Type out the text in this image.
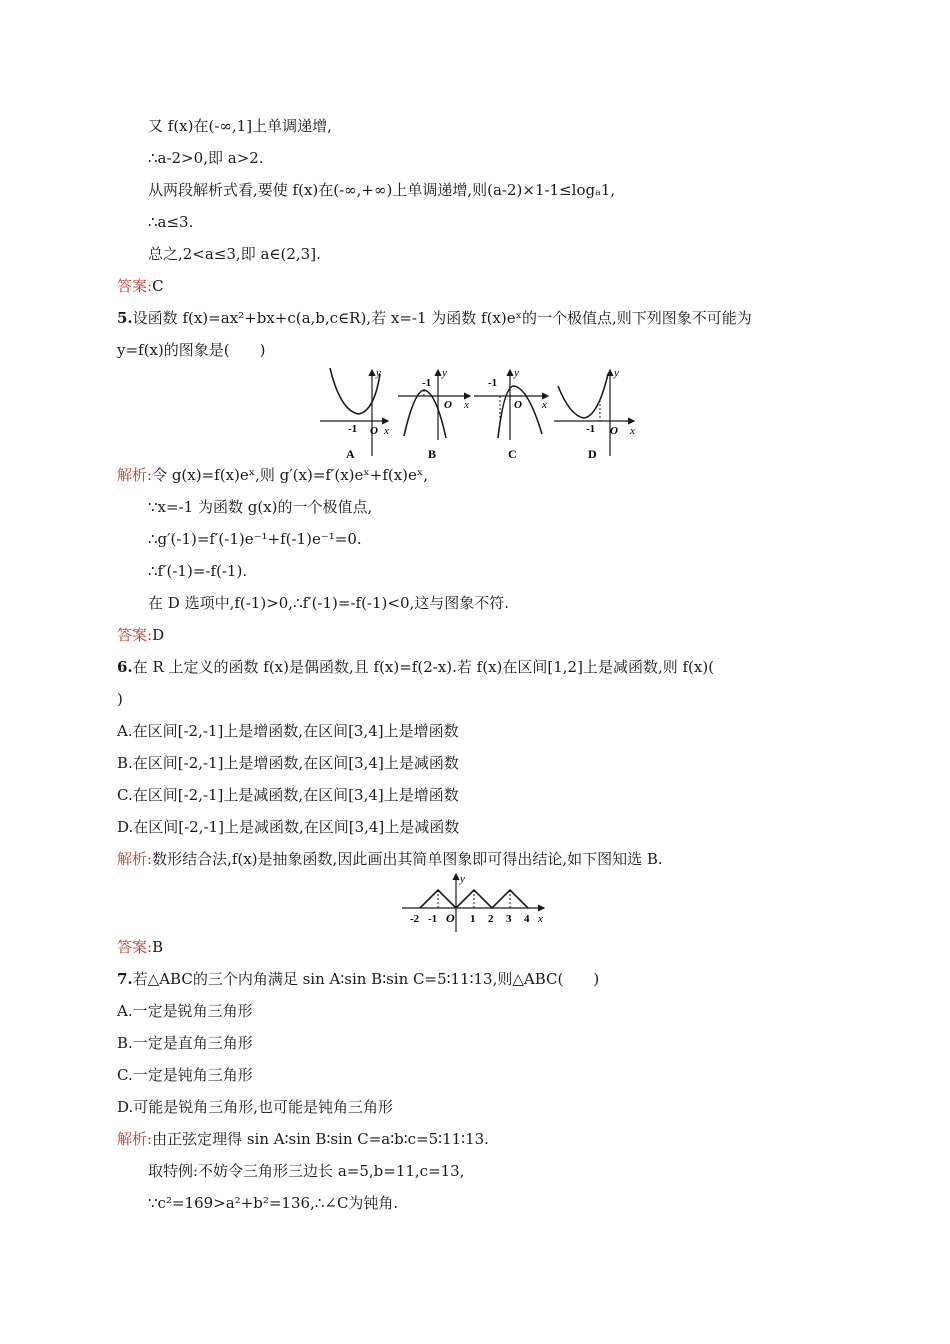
又 f(x)在(-∞,1]上单调递增,
∴a-2>0,即 a>2.
从两段解析式看,要使 f(x)在(-∞,+∞)上单调递增,则(a-2)×1-1≤logₐ1,
∴a≤3.
总之,2<a≤3,即 a∈(2,3].
答案:C
5.设函数 f(x)=ax²+bx+c(a,b,c∈R),若 x=-1 为函数 f(x)eˣ的一个极值点,则下列图象不可能为
y=f(x)的图象是(　　)
y
x
-1 O
A
y
x
-1
O
B
y
x
-1
O
C
y
x
-1 O
D
解析:令 g(x)=f(x)eˣ,则 g′(x)=f′(x)eˣ+f(x)eˣ,
∵x=-1 为函数 g(x)的一个极值点,
∴g′(-1)=f′(-1)e⁻¹+f(-1)e⁻¹=0.
∴f′(-1)=-f(-1).
在 D 选项中,f(-1)>0,∴f′(-1)=-f(-1)<0,这与图象不符.
答案:D
6.在 R 上定义的函数 f(x)是偶函数,且 f(x)=f(2-x).若 f(x)在区间[1,2]上是减函数,则 f(x)(
)
A.在区间[-2,-1]上是增函数,在区间[3,4]上是增函数
B.在区间[-2,-1]上是增函数,在区间[3,4]上是减函数
C.在区间[-2,-1]上是减函数,在区间[3,4]上是增函数
D.在区间[-2,-1]上是减函数,在区间[3,4]上是减函数
解析:数形结合法,f(x)是抽象函数,因此画出其简单图象即可得出结论,如下图知选 B.
y
x
O
-2 -1	1 2 3 4
答案:B
7.若△ABC的三个内角满足 sin A∶sin B∶sin C=5∶11∶13,则△ABC(　　)
A.一定是锐角三角形
B.一定是直角三角形
C.一定是钝角三角形
D.可能是锐角三角形,也可能是钝角三角形
解析:由正弦定理得 sin A∶sin B∶sin C=a∶b∶c=5∶11∶13.
取特例:不妨令三角形三边长 a=5,b=11,c=13,
∵c²=169>a²+b²=136,∴∠C为钝角.
